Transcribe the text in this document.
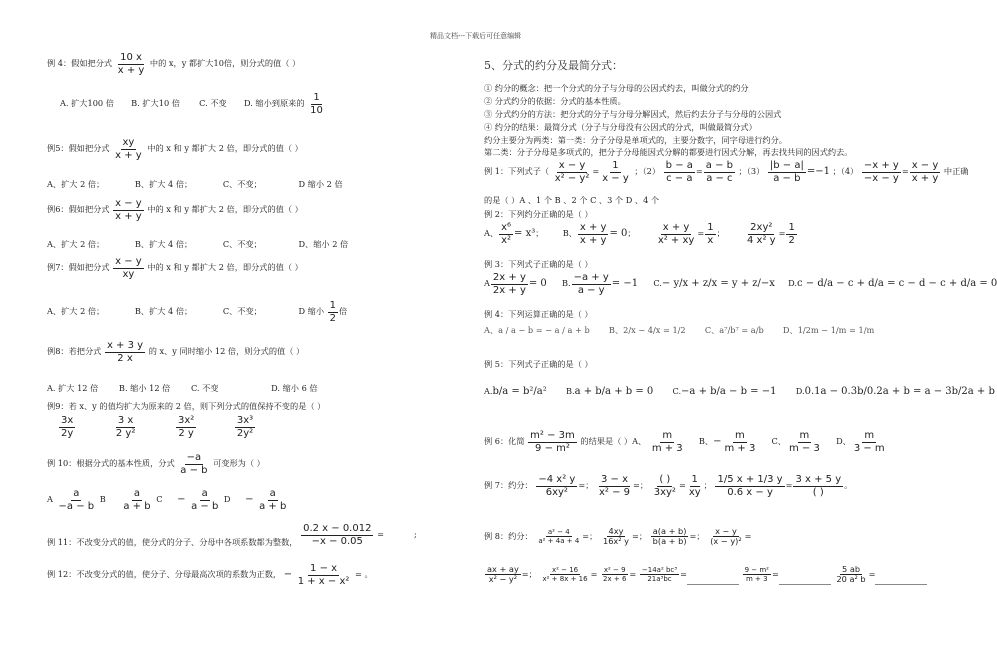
精品文档---下载后可任意编辑
例 4：假如把分式 $\frac{10 x}{x + y}$ 中的 x，y 都扩大10倍，则分式的值（ ）
A. 扩大100 倍 B. 扩大10 倍 C. 不变 D. 缩小到原来的 $\frac{1}{10}$
例5：假如把分式 $\frac{xy}{x + y}$ 中的 x 和 y 都扩大 2 倍，即分式的值（ ）
A、扩大 2 倍；	B、扩大 4 倍；	C、不变；	D 缩小 2 倍
例6：假如把分式 $\frac{x - y}{x + y}$ 中的 x 和 y 都扩大 2 倍，即分式的值（ ）
A、扩大 2 倍；	B、扩大 4 倍；	C、不变；	D、缩小 2 倍
例7：假如把分式 $\frac{x - y}{xy}$ 中的 x 和 y 都扩大 2 倍，即分式的值（ ）
A、扩大 2 倍；	B、扩大 4 倍；	C、不变；	D 缩小 $\frac{1}{2}$ 倍
例8：若把分式 $\frac{x + 3 y}{2 x}$ 的 x、y 同时缩小 12 倍，则分式的值（ ）
A. 扩大 12 倍	B. 缩小 12 倍	C. 不变	D. 缩小 6 倍
例9：若 x、y 的值均扩大为原来的 2 倍，则下列分式的值保持不变的是（ ）
$\frac{3x}{2y}$
	$\frac{3 x}{\text{2 y²}}$
	$\frac{\text{3x²}}{2 y}$
	$\frac{\text{3x³}}{\text{2y²}}$
例 10：根据分式的基本性质，分式 $\frac{-a}{a - b}$ 可变形为（ ）
A $\frac{a}{-a - b}$ B $\frac{a}{a + b}$ $C - \frac{a}{a - b}$ $D - \frac{a}{a + b}$
例 11：不改变分式的值，使分式的分子、分母中各项系数都为整数， $\frac{0.2 x - 0.012}{-x - 0.05}$ =	;
例 12：不改变分式的值，使分子、分母最高次项的系数为正数， − $\frac{1 - x}{\text{1 + x − x²}}$ = 。
5、分式的约分及最简分式：
① 约分的概念：把一个分式的分子与分母的公因式约去，叫做分式的约分
② 分式约分的依据：分式的基本性质。
③ 分式约分的方法：把分式的分子与分母分解因式，然后约去分子与分母的公因式
④ 约分的结果：最简分式（分子与分母没有公因式的分式，叫做最简分式）
约分主要分为两类：第一类：分子分母是单项式的，主要分数字，同字母进行约分。
第二类：分子分母是多项式的，把分子分母能因式分解的都要进行因式分解，再去找共同的因式约去。
例 1：下列式子（ $\frac{x - y}{\text{x² − y²}} = \frac{1}{x - y}$ ；$(2) \frac{b - a}{c - a} = \frac{a - b}{a - c}$ ；$(3) \frac{|b - a|}{a - b} =-1$ ；$(4) \frac{-x + y}{-x - y} = \frac{x - y}{x + y}$ 中正确
的是（ ）A 、1 个 B 、2 个 C 、3 个 D 、4 个
例 2：下列约分正确的是（ ）
A、 $\frac{\text{x⁶}}{\text{x²}} = x^3$； B、 $\frac{x + y}{x + y} = 0$； $\frac{x + y}{\text{x² + xy}} = \frac{1}{x}$ ； $\frac{\text{2xy²}}{\text{4 x² y}} = \frac{1}{2}$
例 3：下列式子正确的是（ ）
A $\frac{2x + y}{2x + y} = 0$ B. $\frac{-a + y}{a - y} = -1$ C.− y/x + z/x = y + z/−x D.c − d/a − c + d/a = c − d − c + d/a = 0
例 4：下列运算正确的是（ ）
A、a / a − b = − a / a + b B、2/x − 4/x = 1/2 C、a⁷/b⁷ = a/b D、1/2m − 1/m = 1/m
例 5：下列式子正确的是（ ）
A.b/a = b²/a² B.a + b/a + b = 0 C.−a + b/a − b = −1 D.0.1a − 0.3b/0.2a + b = a − 3b/2a + b
例 6：化简 $\frac{\text{m² − 3m}}{\text{9 − m²}}$ 的结果是（ ）A、 $\frac{m}{m + 3}$ B、− $\frac{m}{m + 3}$ C、 $\frac{m}{m - 3}$ D、 $\frac{m}{3 - m}$
例 7：约分： $\frac{\text{−4 x² y}}{\text{6xy²}}$ =； $\frac{3 - x}{\text{x² − 9}}$ =； $\frac{( )}{\text{3xy²}} = \frac{1}{xy}$ ； $\frac{1/5 x + 1/3 y}{0.6 x - y} = \frac{3 x + 5 y}{( )}$ 。
例 8：约分： $\frac{\text{a² − 4}}{\text{a² + 4a + 4}}$ =； $\frac{4xy}{\text{16x² y}}$ =； $\frac{a(a + b)}{b(a + b)}$ =； $\frac{x - y}{\text{(x − y)²}}$ =
$\frac{ax + ay}{\text{x² − y²}}$ =； $\frac{\text{x² − 16}}{\text{x² + 8x + 16}} = \frac{\text{x² − 9}}{2x + 6} = \frac{\text{−14a² bc³}}{\text{21a³bc}}$ =	$\frac{\text{9 − m²}}{m + 3}$ =	$\frac{5 ab}{\text{20 a² b}}$ =
